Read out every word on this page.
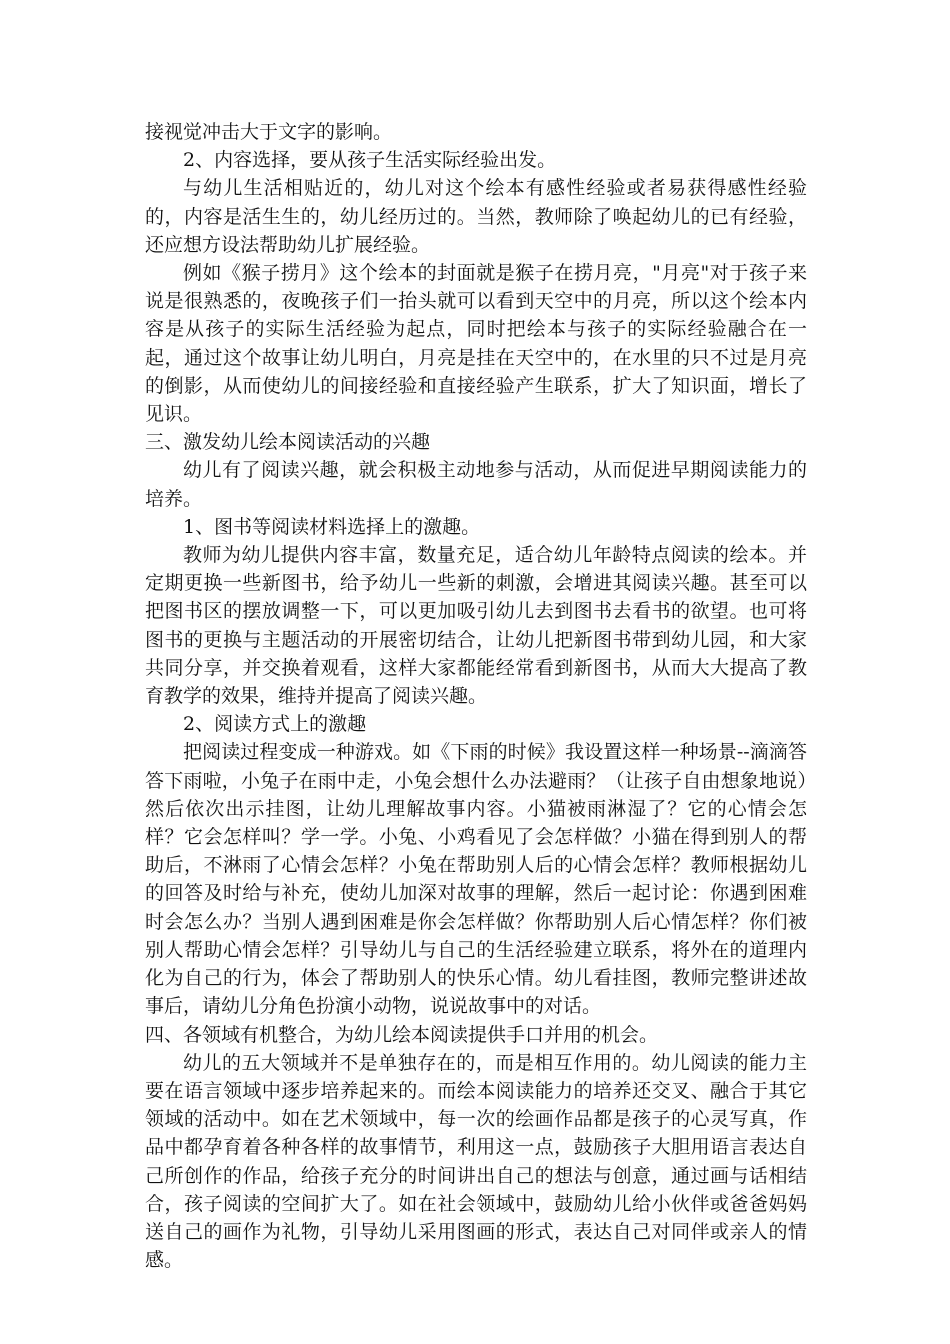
接视觉冲击大于文字的影响。

2、内容选择，要从孩子生活实际经验出发。

与幼儿生活相贴近的，幼儿对这个绘本有感性经验或者易获得感性经验的，内容是活生生的，幼儿经历过的。当然，教师除了唤起幼儿的已有经验，还应想方设法帮助幼儿扩展经验。

例如《猴子捞月》这个绘本的封面就是猴子在捞月亮，"月亮"对于孩子来说是很熟悉的，夜晚孩子们一抬头就可以看到天空中的月亮，所以这个绘本内容是从孩子的实际生活经验为起点，同时把绘本与孩子的实际经验融合在一起，通过这个故事让幼儿明白，月亮是挂在天空中的，在水里的只不过是月亮的倒影，从而使幼儿的间接经验和直接经验产生联系，扩大了知识面，增长了见识。

三、激发幼儿绘本阅读活动的兴趣

幼儿有了阅读兴趣，就会积极主动地参与活动，从而促进早期阅读能力的培养。

1、图书等阅读材料选择上的激趣。

教师为幼儿提供内容丰富，数量充足，适合幼儿年龄特点阅读的绘本。并定期更换一些新图书，给予幼儿一些新的刺激，会增进其阅读兴趣。甚至可以把图书区的摆放调整一下，可以更加吸引幼儿去到图书去看书的欲望。也可将图书的更换与主题活动的开展密切结合，让幼儿把新图书带到幼儿园，和大家共同分享，并交换着观看，这样大家都能经常看到新图书，从而大大提高了教育教学的效果，维持并提高了阅读兴趣。

2、阅读方式上的激趣

把阅读过程变成一种游戏。如《下雨的时候》我设置这样一种场景--滴滴答答下雨啦，小兔子在雨中走，小兔会想什么办法避雨？（让孩子自由想象地说）然后依次出示挂图，让幼儿理解故事内容。小猫被雨淋湿了？它的心情会怎样？它会怎样叫？学一学。小兔、小鸡看见了会怎样做？小猫在得到别人的帮助后，不淋雨了心情会怎样？小兔在帮助别人后的心情会怎样？教师根据幼儿的回答及时给与补充，使幼儿加深对故事的理解，然后一起讨论：你遇到困难时会怎么办？当别人遇到困难是你会怎样做？你帮助别人后心情怎样？你们被别人帮助心情会怎样？引导幼儿与自己的生活经验建立联系，将外在的道理内化为自己的行为，体会了帮助别人的快乐心情。幼儿看挂图，教师完整讲述故事后，请幼儿分角色扮演小动物，说说故事中的对话。

四、各领域有机整合，为幼儿绘本阅读提供手口并用的机会。

幼儿的五大领域并不是单独存在的，而是相互作用的。幼儿阅读的能力主要在语言领域中逐步培养起来的。而绘本阅读能力的培养还交叉、融合于其它领域的活动中。如在艺术领域中，每一次的绘画作品都是孩子的心灵写真，作品中都孕育着各种各样的故事情节，利用这一点，鼓励孩子大胆用语言表达自己所创作的作品，给孩子充分的时间讲出自己的想法与创意，通过画与话相结合，孩子阅读的空间扩大了。如在社会领域中，鼓励幼儿给小伙伴或爸爸妈妈送自己的画作为礼物，引导幼儿采用图画的形式，表达自己对同伴或亲人的情感。
